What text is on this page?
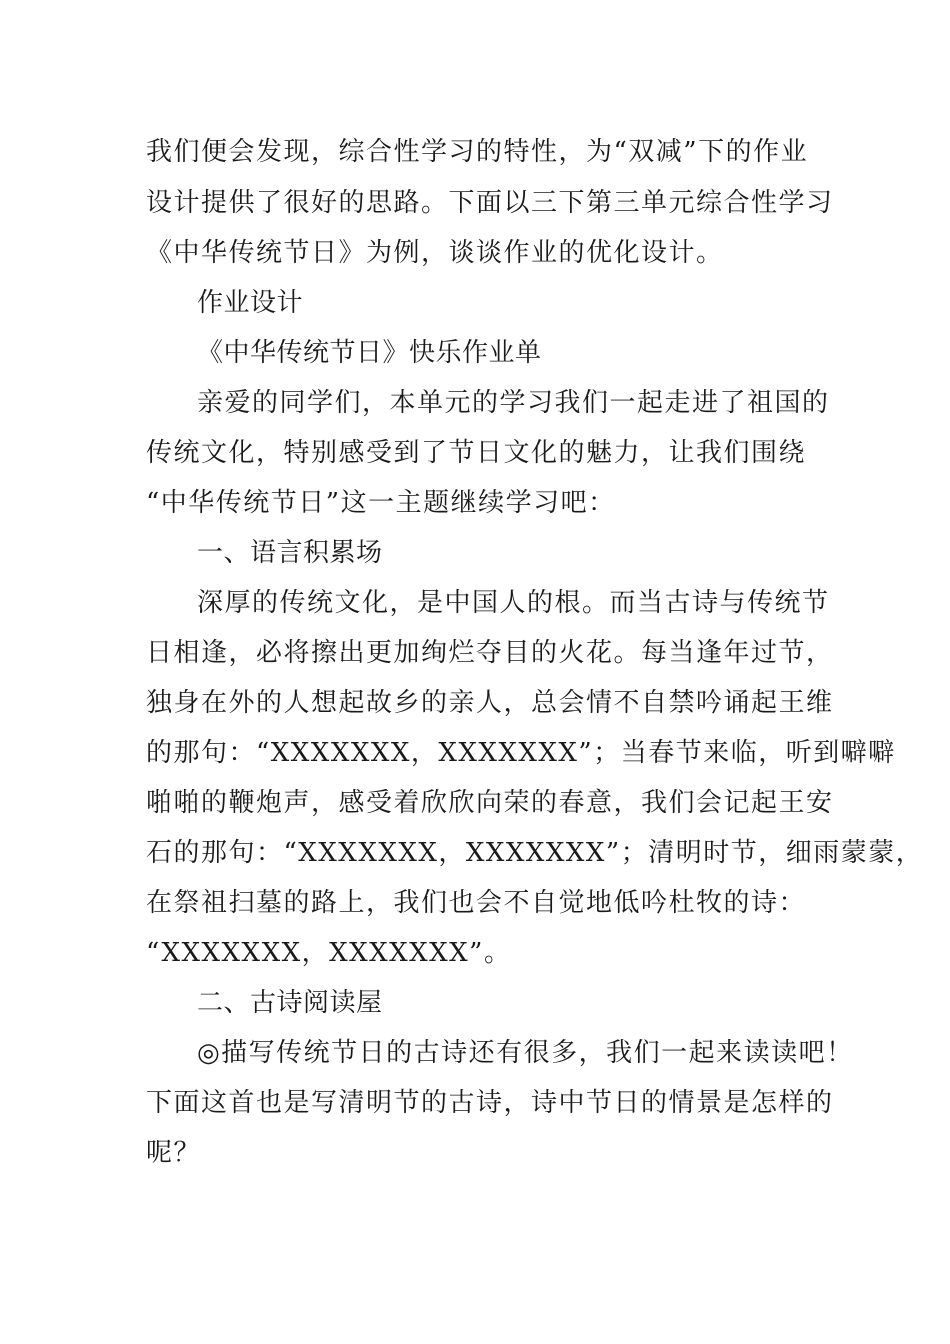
我们便会发现，综合性学习的特性，为“双减”下的作业
设计提供了很好的思路。下面以三下第三单元综合性学习
《中华传统节日》为例，谈谈作业的优化设计。
作业设计
《中华传统节日》快乐作业单
亲爱的同学们，本单元的学习我们一起走进了祖国的
传统文化，特别感受到了节日文化的魅力，让我们围绕
“中华传统节日”这一主题继续学习吧：
一、语言积累场
深厚的传统文化，是中国人的根。而当古诗与传统节
日相逢，必将擦出更加绚烂夺目的火花。每当逢年过节，
独身在外的人想起故乡的亲人，总会情不自禁吟诵起王维
的那句：“XXXXXXX，XXXXXXX”；当春节来临，听到噼噼
啪啪的鞭炮声，感受着欣欣向荣的春意，我们会记起王安
石的那句：“XXXXXXX，XXXXXXX”；清明时节，细雨蒙蒙，
在祭祖扫墓的路上，我们也会不自觉地低吟杜牧的诗：
“XXXXXXX，XXXXXXX”。
二、古诗阅读屋
◎描写传统节日的古诗还有很多，我们一起来读读吧！
下面这首也是写清明节的古诗，诗中节日的情景是怎样的
呢？
